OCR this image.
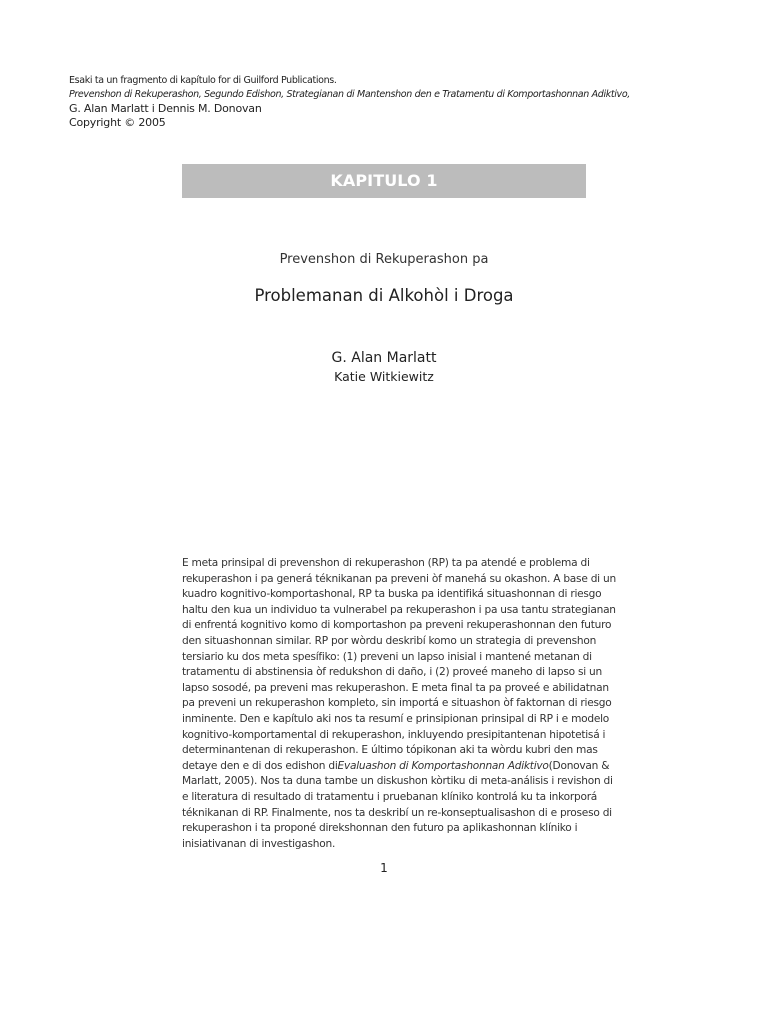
Esaki ta un fragmento di kapítulo for di Guilford Publications.
Prevenshon di Rekuperashon, Segundo Edishon, Strategianan di Mantenshon den e Tratamentu di Komportashonnan Adiktivo,
G. Alan Marlatt i Dennis M. Donovan
Copyright © 2005
KAPITULO 1
Prevenshon di Rekuperashon pa
Problemanan di Alkohòl i Droga
G. Alan Marlatt
Katie Witkiewitz
E meta prinsipal di prevenshon di rekuperashon (RP) ta pa atendé e problema di
rekuperashon i pa generá téknikanan pa preveni òf manehá su okashon. A base di un
kuadro kognitivo-komportashonal, RP ta buska pa identifiká situashonnan di riesgo
haltu den kua un individuo ta vulnerabel pa rekuperashon i pa usa tantu strategianan
di enfrentá kognitivo komo di komportashon pa preveni rekuperashonnan den futuro
den situashonnan similar. RP por wòrdu deskribí komo un strategia di prevenshon
tersiario ku dos meta spesífiko: (1) preveni un lapso inisial i mantené metanan di
tratamentu di abstinensia òf redukshon di daño, i (2) proveé maneho di lapso si un
lapso sosodé, pa preveni mas rekuperashon. E meta final ta pa proveé e abilidatnan
pa preveni un rekuperashon kompleto, sin importá e situashon òf faktornan di riesgo
inminente. Den e kapítulo aki nos ta resumí e prinsipionan prinsipal di RP i e modelo
kognitivo-komportamental di rekuperashon, inkluyendo presipitantenan hipotetisá i
determinantenan di rekuperashon. E último tópikonan aki ta wòrdu kubri den mas
detaye den e di dos edishon diEvaluashon di Komportashonnan Adiktivo(Donovan &
Marlatt, 2005). Nos ta duna tambe un diskushon kòrtiku di meta-análisis i revishon di
e literatura di resultado di tratamentu i pruebanan klíniko kontrolá ku ta inkorporá
téknikanan di RP. Finalmente, nos ta deskribí un re-konseptualisashon di e proseso di
rekuperashon i ta proponé direkshonnan den futuro pa aplikashonnan klíniko i
inisiativanan di investigashon.
1
